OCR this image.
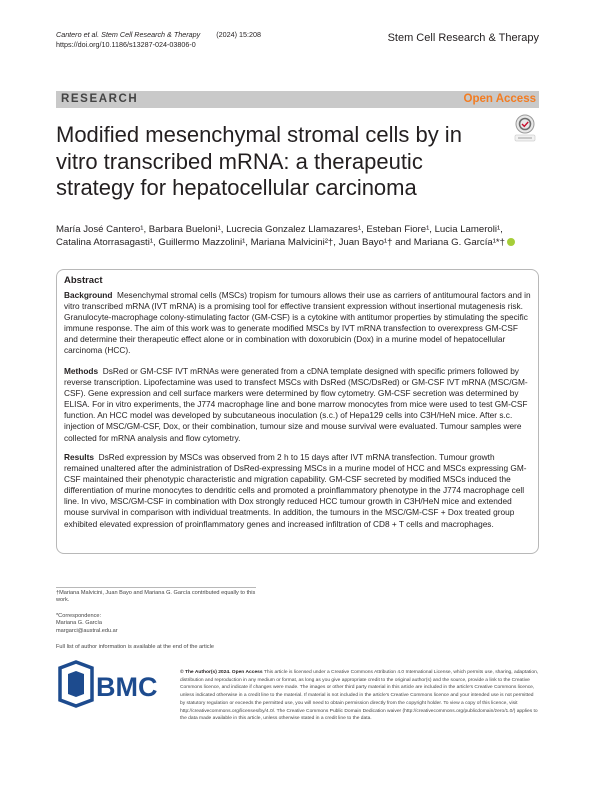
Cantero et al. Stem Cell Research & Therapy (2024) 15:208
https://doi.org/10.1186/s13287-024-03806-0
Stem Cell Research & Therapy
RESEARCH	Open Access
Modified mesenchymal stromal cells by in vitro transcribed mRNA: a therapeutic strategy for hepatocellular carcinoma
María José Cantero¹, Barbara Bueloni¹, Lucrecia Gonzalez Llamazares¹, Esteban Fiore¹, Lucia Lameroli¹,
Catalina Atorrasagasti¹, Guillermo Mazzolini¹, Mariana Malvicini²†, Juan Bayo¹† and Mariana G. García¹*†
Abstract
Background Mesenchymal stromal cells (MSCs) tropism for tumours allows their use as carriers of antitumoural factors and in vitro transcribed mRNA (IVT mRNA) is a promising tool for effective transient expression without insertional mutagenesis risk. Granulocyte-macrophage colony-stimulating factor (GM-CSF) is a cytokine with antitumor properties by stimulating the specific immune response. The aim of this work was to generate modified MSCs by IVT mRNA transfection to overexpress GM-CSF and determine their therapeutic effect alone or in combination with doxorubicin (Dox) in a murine model of hepatocellular carcinoma (HCC).
Methods DsRed or GM-CSF IVT mRNAs were generated from a cDNA template designed with specific primers followed by reverse transcription. Lipofectamine was used to transfect MSCs with DsRed (MSC/DsRed) or GM-CSF IVT mRNA (MSC/GM-CSF). Gene expression and cell surface markers were determined by flow cytometry. GM-CSF secretion was determined by ELISA. For in vitro experiments, the J774 macrophage line and bone marrow monocytes from mice were used to test GM-CSF function. An HCC model was developed by subcutaneous inoculation (s.c.) of Hepa129 cells into C3H/HeN mice. After s.c. injection of MSC/GM-CSF, Dox, or their combination, tumour size and mouse survival were evaluated. Tumour samples were collected for mRNA analysis and flow cytometry.
Results DsRed expression by MSCs was observed from 2 h to 15 days after IVT mRNA transfection. Tumour growth remained unaltered after the administration of DsRed-expressing MSCs in a murine model of HCC and MSCs expressing GM-CSF maintained their phenotypic characteristic and migration capability. GM-CSF secreted by modified MSCs induced the differentiation of murine monocytes to dendritic cells and promoted a proinflammatory phenotype in the J774 macrophage cell line. In vivo, MSC/GM-CSF in combination with Dox strongly reduced HCC tumour growth in C3H/HeN mice and extended mouse survival in comparison with individual treatments. In addition, the tumours in the MSC/GM-CSF + Dox treated group exhibited elevated expression of proinflammatory genes and increased infiltration of CD8 + T cells and macrophages.
†Mariana Malvicini, Juan Bayo and Mariana G. García contributed equally to this work.
*Correspondence:
Mariana G. García
margarci@austral.edu.ar
Full list of author information is available at the end of the article
BMC	© The Author(s) 2024. Open Access This article is licensed under a Creative Commons Attribution 4.0 International License, which permits use, sharing, adaptation, distribution and reproduction in any medium or format, as long as you give appropriate credit to the original author(s) and the source, provide a link to the Creative Commons licence, and indicate if changes were made. The images or other third party material in this article are included in the article's Creative Commons licence, unless indicated otherwise in a credit line to the material. If material is not included in the article's Creative Commons licence and your intended use is not permitted by statutory regulation or exceeds the permitted use, you will need to obtain permission directly from the copyright holder. To view a copy of this licence, visit http://creativecommons.org/licenses/by/4.0/. The Creative Commons Public Domain Dedication waiver (http://creativecommons.org/publicdomain/zero/1.0/) applies to the data made available in this article, unless otherwise stated in a credit line to the data.
